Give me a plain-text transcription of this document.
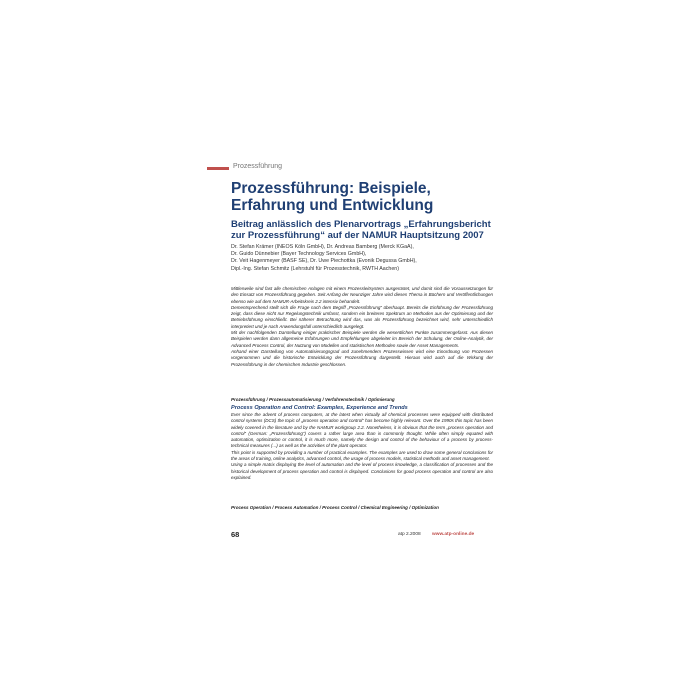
Prozessführung
Prozessführung: Beispiele, Erfahrung und Entwicklung
Beitrag anlässlich des Plenarvortrags „Erfahrungsbericht zur Prozessführung“ auf der NAMUR Hauptsitzung 2007
Dr. Stefan Krämer (INEOS Köln GmbH), Dr. Andreas Bamberg (Merck KGaA),
Dr. Guido Dünnebier (Bayer Technology Services GmbH),
Dr. Veit Hagenmeyer (BASF SE), Dr. Uwe Piechottka (Evonik Degussa GmbH),
Dipl.-Ing. Stefan Schmitz (Lehrstuhl für Prozesstechnik, RWTH Aachen)

Mittlerweile sind fast alle chemischen Anlagen mit einem Prozessleitsystem ausgerüstet, und damit sind die Voraussetzungen für den Einsatz von Prozessführung gegeben. Seit Anfang der Neunziger Jahre wird dieses Thema in Büchern und Veröffentlichungen ebenso wie auf dem NAMUR-Arbeitskreis 2.2 intensiv behandelt.

Dementsprechend stellt sich die Frage nach dem Begriff „Prozessführung“ überhaupt. Bereits die Einführung der Prozessführung zeigt, dass diese nicht nur Regelungstechnik umfasst, sondern ein breiteres Spektrum an Methoden aus der Optimierung und der Betriebsführung einschließt. Bei näherer Betrachtung wird das, was als Prozessführung bezeichnet wird, sehr unterschiedlich interpretiert und je nach Anwendungsfall unterschiedlich ausgelegt.

Mit der nachfolgenden Darstellung einiger praktischer Beispiele werden die wesentlichen Punkte zusammengefasst. Aus diesen Beispielen werden dann allgemeine Erfahrungen und Empfehlungen abgeleitet im Bereich der Schulung, der Online-Analytik, der Advanced Process Control, der Nutzung von Modellen und statistischen Methoden sowie der Asset Managements.

Anhand einer Darstellung von Automatisierungsgrad und zunehmendem Prozesswissen wird eine Einordnung von Prozessen vorgenommen und die historische Entwicklung der Prozessführung dargestellt. Hieraus wird auch auf die Wirkung der Prozessführung in der chemischen Industrie geschlossen.

Prozessführung / Prozessautomatisierung / Verfahrenstechnik / Optimierung
Process Operation and Control: Examples, Experience and Trends

Ever since the advent of process computers, at the latest when virtually all chemical processes were equipped with distributed control systems (DCS) the topic of „process operation and control“ has become highly relevant. Over the 1990s this topic has been widely covered in the literature and by the NAMUR workgroup 2.2. Nonetheless, it is obvious that the term „process operation and control“ (German: „Prozessführung“) covers a rather large area than is commonly thought. While often simply equated with automation, optimization or control, it is much more, namely the design and control of the behaviour of a process by process-technical measures (...) as well as the activities of the plant operator.

This point is supported by providing a number of practical examples. The examples are used to draw some general conclusions for the areas of training, online analytics, advanced control, the usage of process models, statistical methods and asset management.

Using a simple matrix displaying the level of automation and the level of process knowledge, a classification of processes and the historical development of process operation and control is displayed. Conclusions for good process operation and control are also explained.

Process Operation / Process Automation / Process Control / Chemical Engineering / Optimization
68	atp 2.2008 www.atp-online.de
